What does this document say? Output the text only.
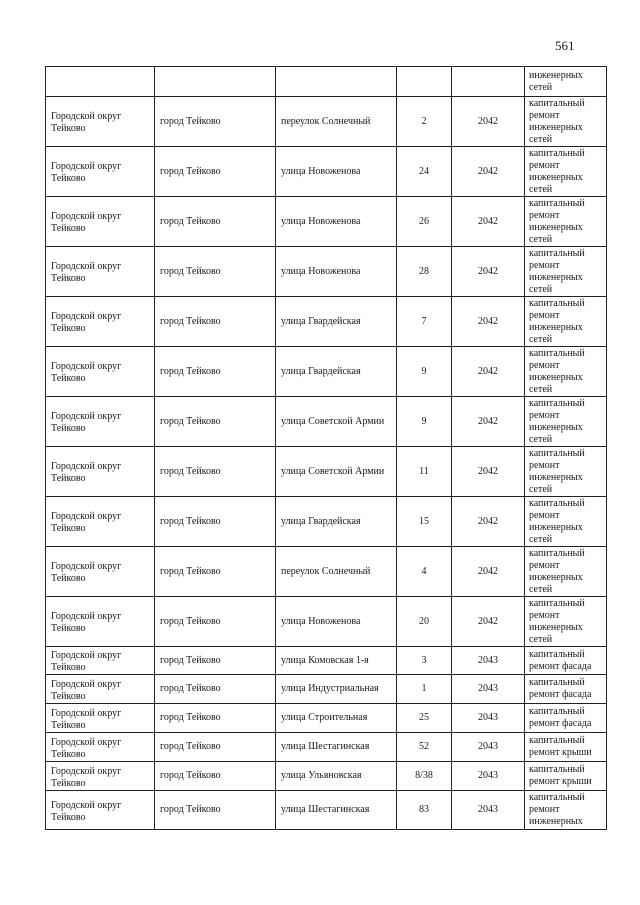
561
					инженерных сетей
Городской округ Тейково	город Тейково	переулок Солнечный	2	2042	капитальный ремонт инженерных сетей
Городской округ Тейково	город Тейково	улица Новоженова	24	2042	капитальный ремонт инженерных сетей
Городской округ Тейково	город Тейково	улица Новоженова	26	2042	капитальный ремонт инженерных сетей
Городской округ Тейково	город Тейково	улица Новоженова	28	2042	капитальный ремонт инженерных сетей
Городской округ Тейково	город Тейково	улица Гвардейская	7	2042	капитальный ремонт инженерных сетей
Городской округ Тейково	город Тейково	улица Гвардейская	9	2042	капитальный ремонт инженерных сетей
Городской округ Тейково	город Тейково	улица Советской Армии	9	2042	капитальный ремонт инженерных сетей
Городской округ Тейково	город Тейково	улица Советской Армии	11	2042	капитальный ремонт инженерных сетей
Городской округ Тейково	город Тейково	улица Гвардейская	15	2042	капитальный ремонт инженерных сетей
Городской округ Тейково	город Тейково	переулок Солнечный	4	2042	капитальный ремонт инженерных сетей
Городской округ Тейково	город Тейково	улица Новоженова	20	2042	капитальный ремонт инженерных сетей
Городской округ Тейково	город Тейково	улица Комовская 1-я	3	2043	капитальный ремонт фасада
Городской округ Тейково	город Тейково	улица Индустриальная	1	2043	капитальный ремонт фасада
Городской округ Тейково	город Тейково	улица Строительная	25	2043	капитальный ремонт фасада
Городской округ Тейково	город Тейково	улица Шестагинская	52	2043	капитальный ремонт крыши
Городской округ Тейково	город Тейково	улица Ульяновская	8/38	2043	капитальный ремонт крыши
Городской округ Тейково	город Тейково	улица Шестагинская	83	2043	капитальный ремонт инженерных
